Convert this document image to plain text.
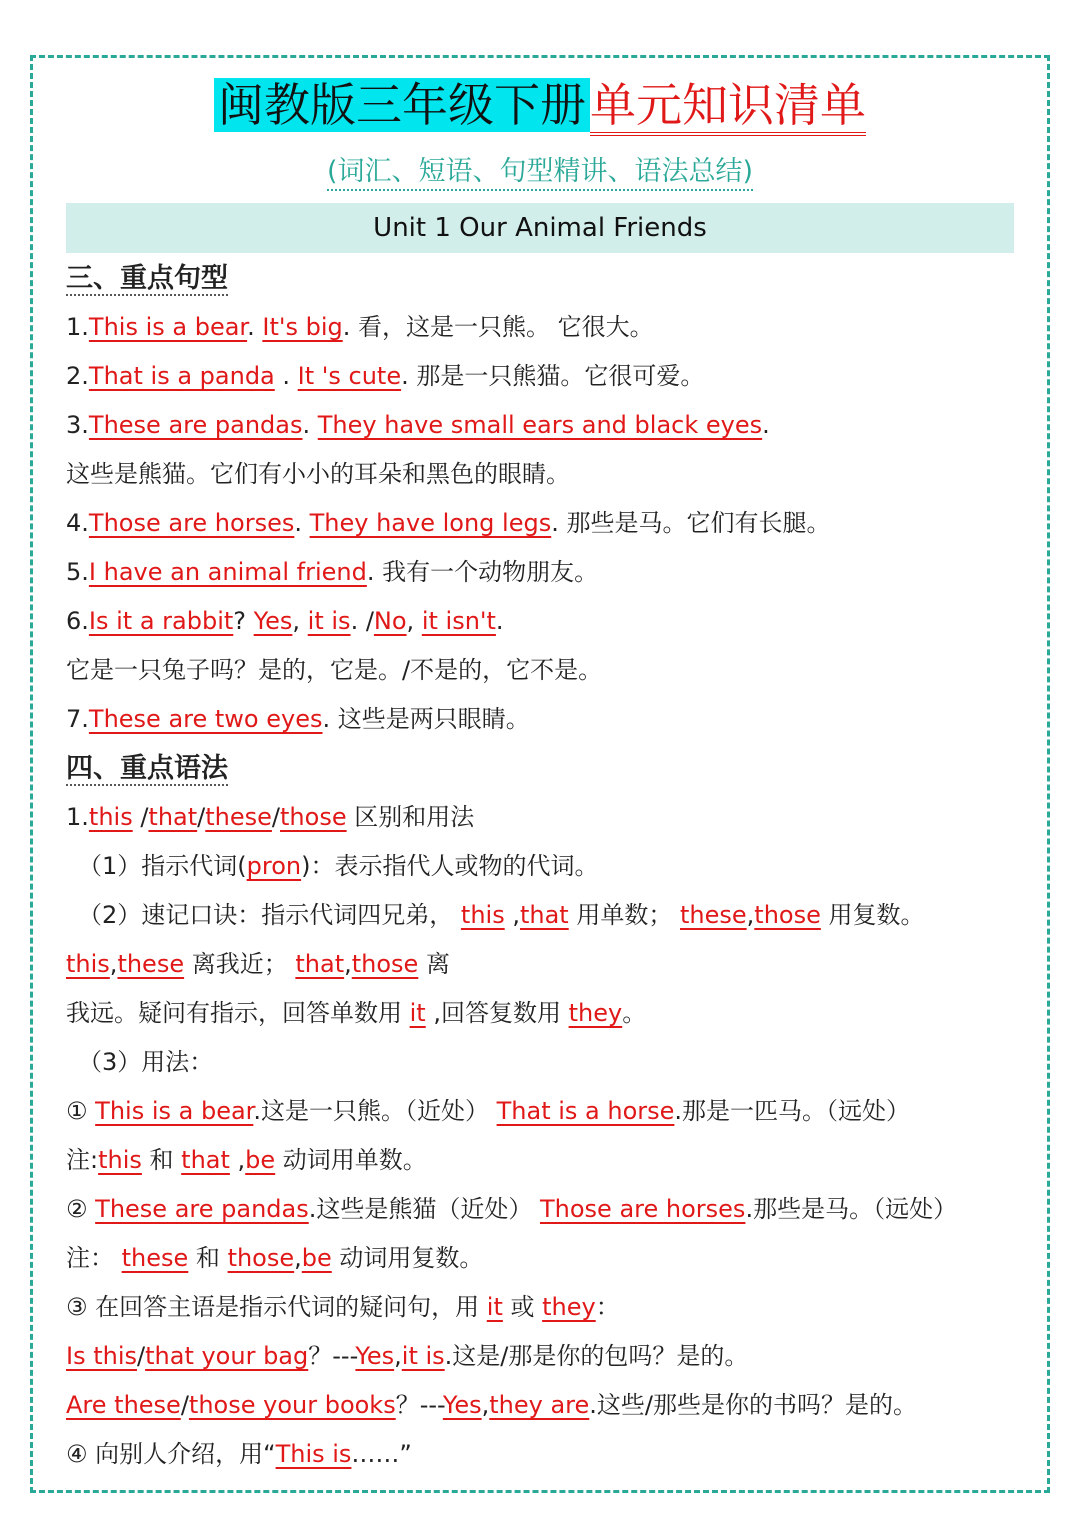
闽教版三年级下册单元知识清单
(词汇、短语、句型精讲、语法总结)
Unit 1 Our Animal Friends
三、重点句型
1.This is a bear. It's big. 看，这是一只熊。 它很大。
2.That is a panda . It 's cute. 那是一只熊猫。它很可爱。
3.These are pandas. They have small ears and black eyes.
这些是熊猫。它们有小小的耳朵和黑色的眼睛。
4.Those are horses. They have long legs. 那些是马。它们有长腿。
5.I have an animal friend. 我有一个动物朋友。
6.Is it a rabbit? Yes, it is. /No, it isn't.
它是一只兔子吗？是的，它是。/不是的，它不是。
7.These are two eyes. 这些是两只眼睛。
四、重点语法
1.this /that/these/those 区别和用法
（1）指示代词(pron)：表示指代人或物的代词。
（2）速记口诀：指示代词四兄弟， this ,that 用单数； these,those 用复数。
this,these 离我近； that,those 离
我远。疑问有指示，回答单数用 it ,回答复数用 they。
（3）用法：
① This is a bear.这是一只熊。（近处） That is a horse.那是一匹马。（远处）
注:this 和 that ,be 动词用单数。
② These are pandas.这些是熊猫（近处） Those are horses.那些是马。（远处）
注： these 和 those,be 动词用复数。
③ 在回答主语是指示代词的疑问句，用 it 或 they：
Is this/that your bag？---Yes,it is.这是/那是你的包吗？是的。
Are these/those your books？---Yes,they are.这些/那些是你的书吗？是的。
④ 向别人介绍，用“This is……”
